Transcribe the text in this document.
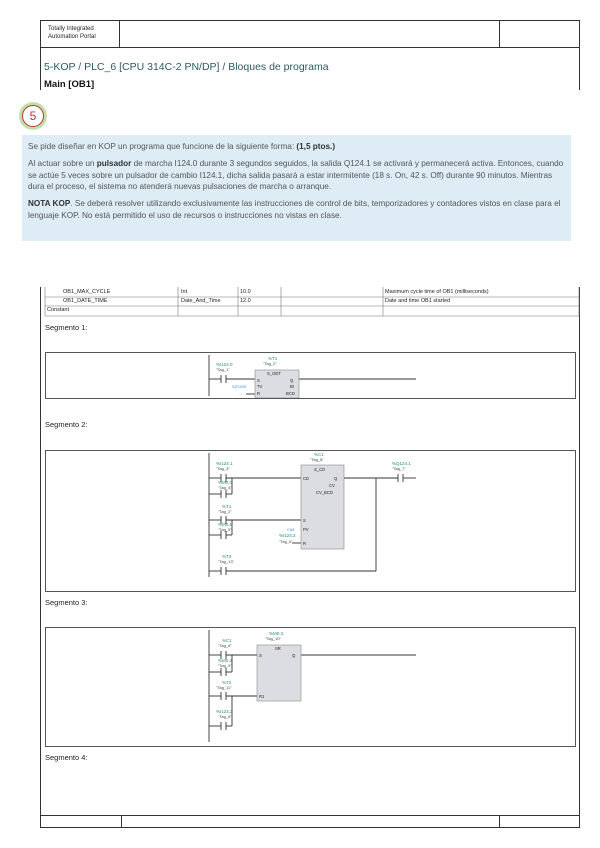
Totally Integrated
Automation Portal
5-KOP / PLC_6 [CPU 314C-2 PN/DP] / Bloques de programa
Main [OB1]
5

Se pide diseñar en KOP un programa que funcione de la siguiente forma: (1,5 ptos.)

Al actuar sobre un pulsador de marcha I124.0 durante 3 segundos seguidos, la salida Q124.1 se activará y permanecerá activa. Entonces, cuando se actúe 5 veces sobre un pulsador de cambio I124.1, dicha salida pasará a estar intermitente (18 s. On, 42 s. Off) durante 90 minutos. Mientras dura el proceso, el sistema no atenderá nuevas pulsaciones de marcha o arranque.

NOTA KOP. Se deberá resolver utilizando exclusivamente las instrucciones de control de bits, temporizadores y contadores vistos en clase para el lenguaje KOP. No está permitido el uso de recursos o instrucciones no vistas en clase.

OB1_MAX_CYCLE	Int	10.0	Maximum cycle time of OB1 (milliseconds)
OB1_DATE_TIME	Date_And_Time	12.0	Date and time OB1 started
Constant
Segmento 1:
%I124.0
"Tag_1"
%T1
"Tag_2"
S_ODT
S
TV
R
Q
BI
BCD
S5T#3S
...
Segmento 2:
%C1
"Tag_8"
S_CD
CD
S
PV
R
Q
CV
CV_BCD
C#5
%I124.2
"Tag_6"
%I124.1
"Tag_3"
%M0.0
"Tag_4"
%T1
"Tag_2"
%M0.1
"Tag_5"
%T3
"Tag_13"
%Q124.1
"Tag_7"
Segmento 3:
%M0.3
"Tag_10"
SR
S	Q
R1
%C1
"Tag_8"
%M0.2
"Tag_9"
%T2
"Tag_11"
%I124.2
"Tag_6"
Segmento 4:
